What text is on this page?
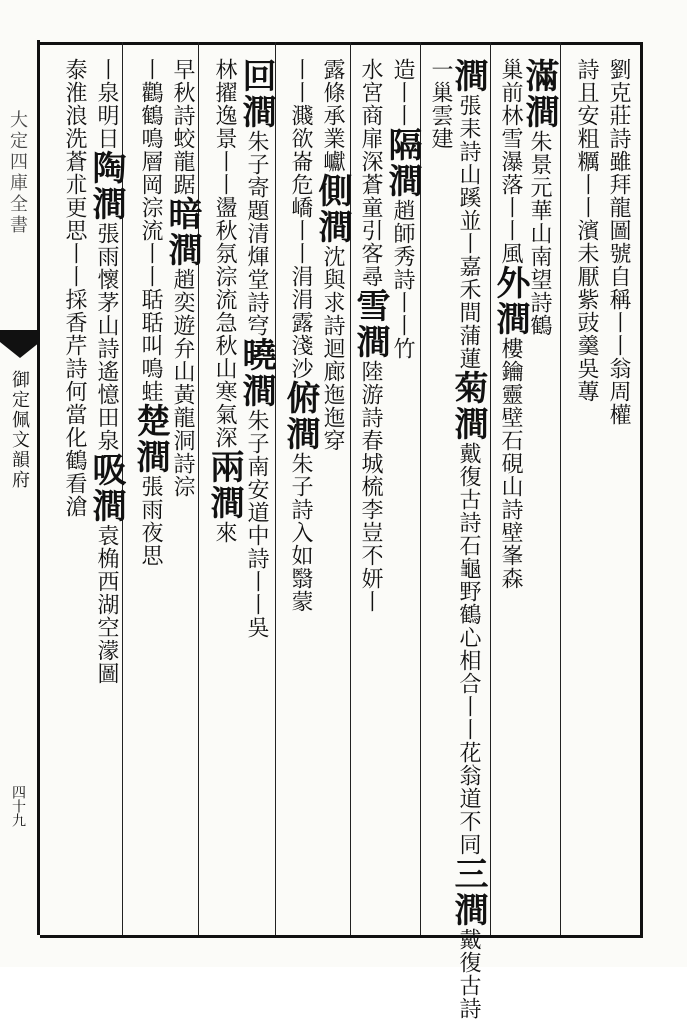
大定四庫全書
御定佩文韻府
四十九
劉克莊詩雖拜龍圖號自稱丨丨翁周權
詩且安粗糲丨丨濱未厭紫豉羹吳蓴
滿澗朱景元華山南望詩鶴
巢前林雪瀑落丨丨風外澗樓鑰靈壁石硯山詩壁峯森
澗張耒詩山蹊並丨嘉禾間蒲蓮菊澗戴復古詩石龜野鶴心相合丨丨花翁道不同三澗戴復古詩
一巢雲建
造丨丨隔澗趙師秀詩丨丨竹
水宮商扉深蒼童引客尋雪澗陸游詩春城梳李豈不妍丨
露條承業巘側澗沈與求詩迴廊迤迤穿
丨丨濺欲崙危嶠丨丨涓涓露淺沙俯澗朱子詩入如翳蒙
回澗朱子寄題清煇堂詩穹曉澗朱子南安道中詩丨丨吳
林擢逸景丨丨盪秋氛淙流急秋山寒氣深兩澗來
早秋詩蛟龍踞暗澗趙奕遊弁山黃龍洞詩淙
丨鸛鶴鳴層岡淙流丨丨聒聒叫鳴蛙楚澗張雨夜思
丨泉明日陶澗張雨懷茅山詩遙憶田泉吸澗袁桷西湖空濛圖
泰淮浪洗蒼朮更思丨丨採香芹詩何當化鶴看滄
